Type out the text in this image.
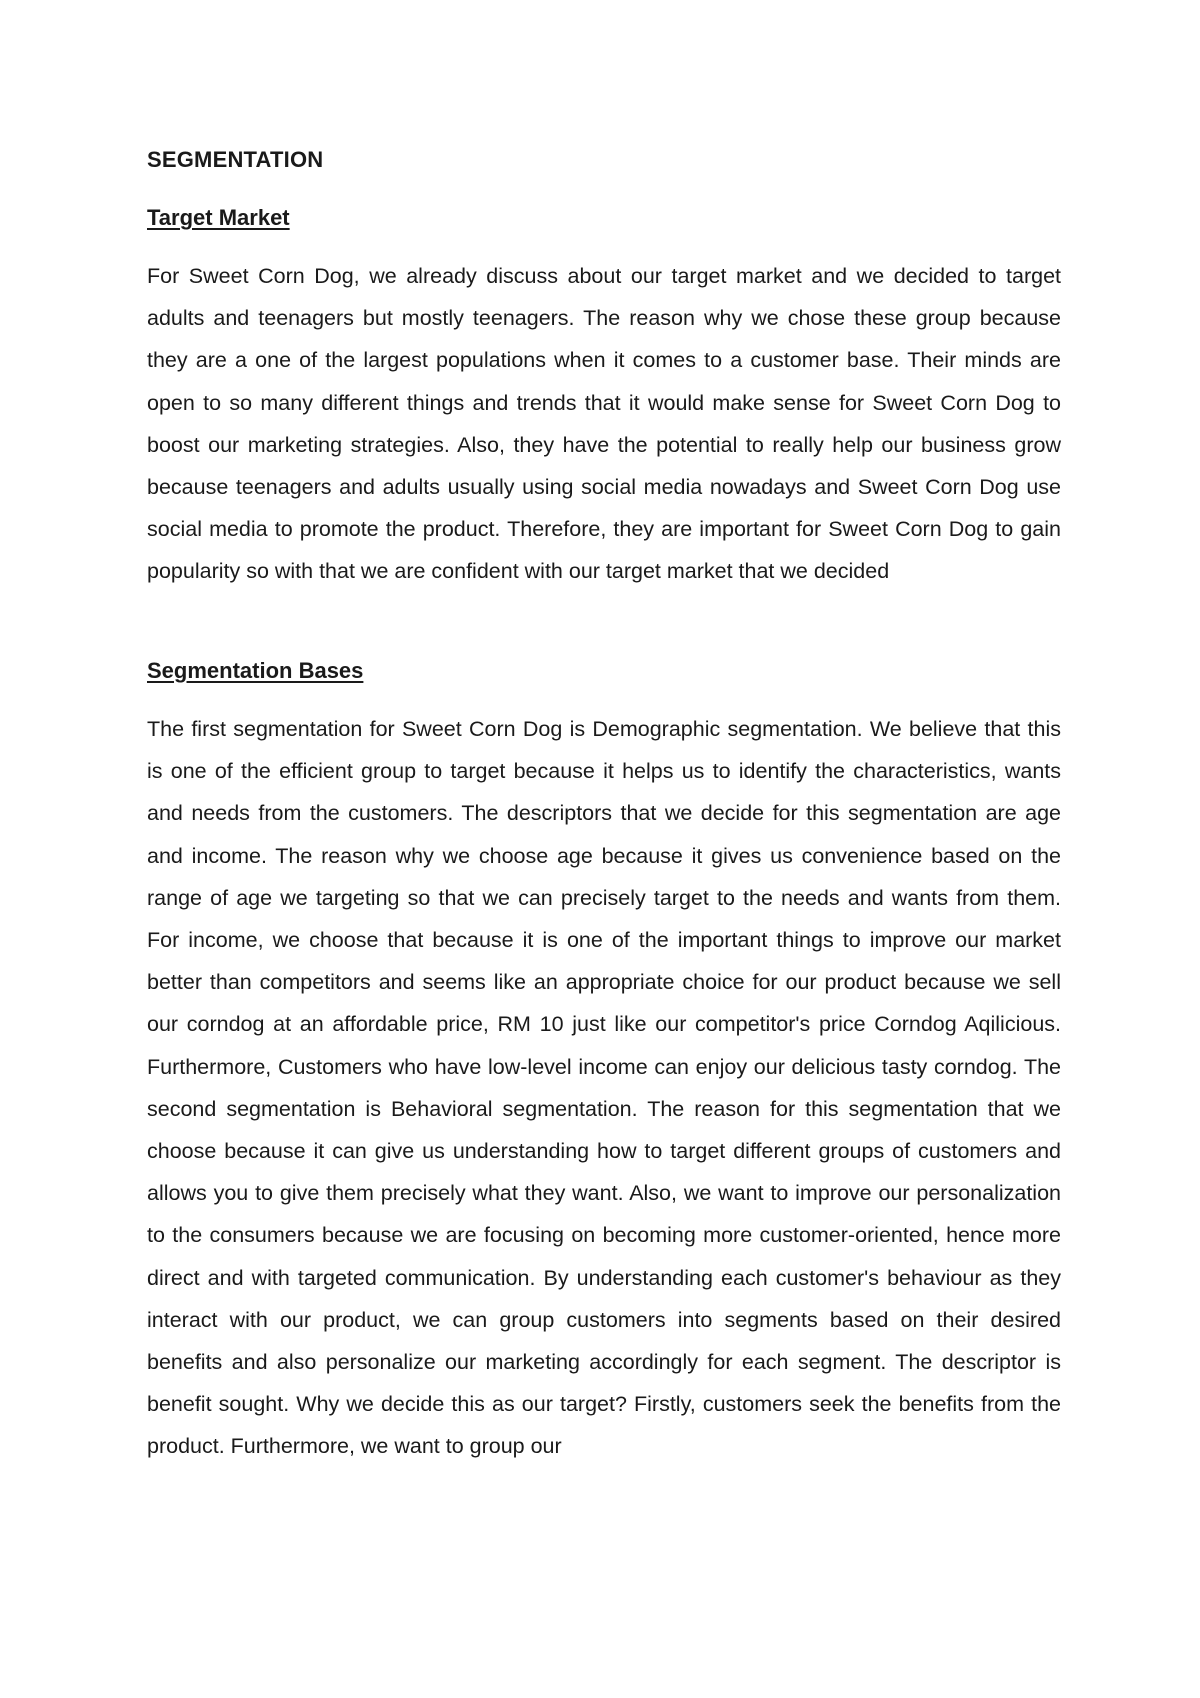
SEGMENTATION
Target Market

For Sweet Corn Dog, we already discuss about our target market and we decided to target adults and teenagers but mostly teenagers. The reason why we chose these group because they are a one of the largest populations when it comes to a customer base. Their minds are open to so many different things and trends that it would make sense for Sweet Corn Dog to boost our marketing strategies. Also, they have the potential to really help our business grow because teenagers and adults usually using social media nowadays and Sweet Corn Dog use social media to promote the product. Therefore, they are important for Sweet Corn Dog to gain popularity so with that we are confident with our target market that we decided

Segmentation Bases

The first segmentation for Sweet Corn Dog is Demographic segmentation. We believe that this is one of the efficient group to target because it helps us to identify the characteristics, wants and needs from the customers. The descriptors that we decide for this segmentation are age and income. The reason why we choose age because it gives us convenience based on the range of age we targeting so that we can precisely target to the needs and wants from them. For income, we choose that because it is one of the important things to improve our market better than competitors and seems like an appropriate choice for our product because we sell our corndog at an affordable price, RM 10 just like our competitor's price Corndog Aqilicious. Furthermore, Customers who have low-level income can enjoy our delicious tasty corndog. The second segmentation is Behavioral segmentation. The reason for this segmentation that we choose because it can give us understanding how to target different groups of customers and allows you to give them precisely what they want. Also, we want to improve our personalization to the consumers because we are focusing on becoming more customer-oriented, hence more direct and with targeted communication. By understanding each customer's behaviour as they interact with our product, we can group customers into segments based on their desired benefits and also personalize our marketing accordingly for each segment. The descriptor is benefit sought. Why we decide this as our target? Firstly, customers seek the benefits from the product. Furthermore, we want to group our
